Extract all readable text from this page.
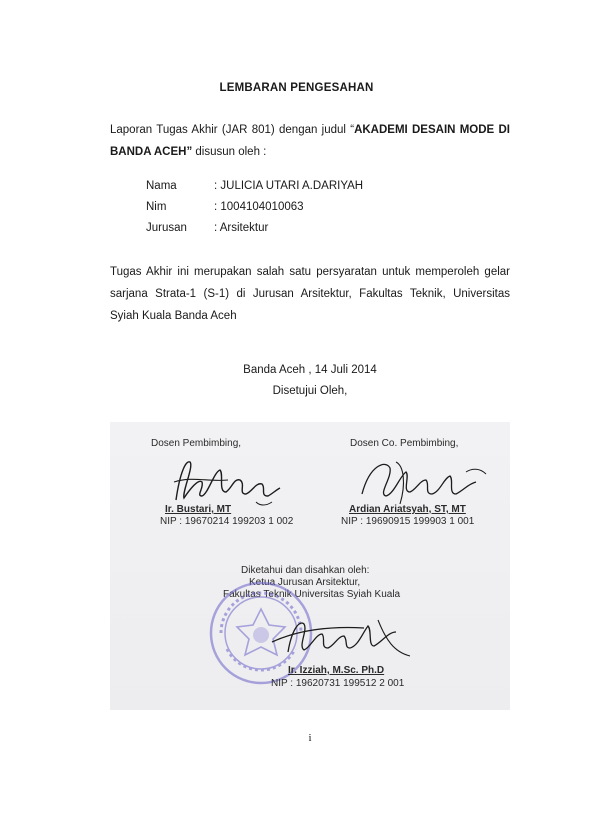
LEMBARAN PENGESAHAN
Laporan Tugas Akhir (JAR 801) dengan judul “AKADEMI DESAIN MODE DI BANDA ACEH” disusun oleh :
Nama	: JULICIA UTARI A.DARIYAH
Nim	: 1004104010063
Jurusan	: Arsitektur
Tugas Akhir ini merupakan salah satu persyaratan untuk memperoleh gelar
sarjana Strata-1 (S-1) di Jurusan Arsitektur, Fakultas Teknik, Universitas
Syiah Kuala Banda Aceh
Banda Aceh , 14 Juli 2014
Disetujui Oleh,
Dosen Pembimbing,	Dosen Co. Pembimbing,
Ir. Bustari, MT
NIP : 19670214 199203 1 002
Ardian Ariatsyah, ST, MT
NIP : 19690915 199903 1 001
Diketahui dan disahkan oleh:
Ketua Jurusan Arsitektur,
Fakultas Teknik Universitas Syiah Kuala
Ir. Izziah, M.Sc. Ph.D
NIP : 19620731 199512 2 001
i
